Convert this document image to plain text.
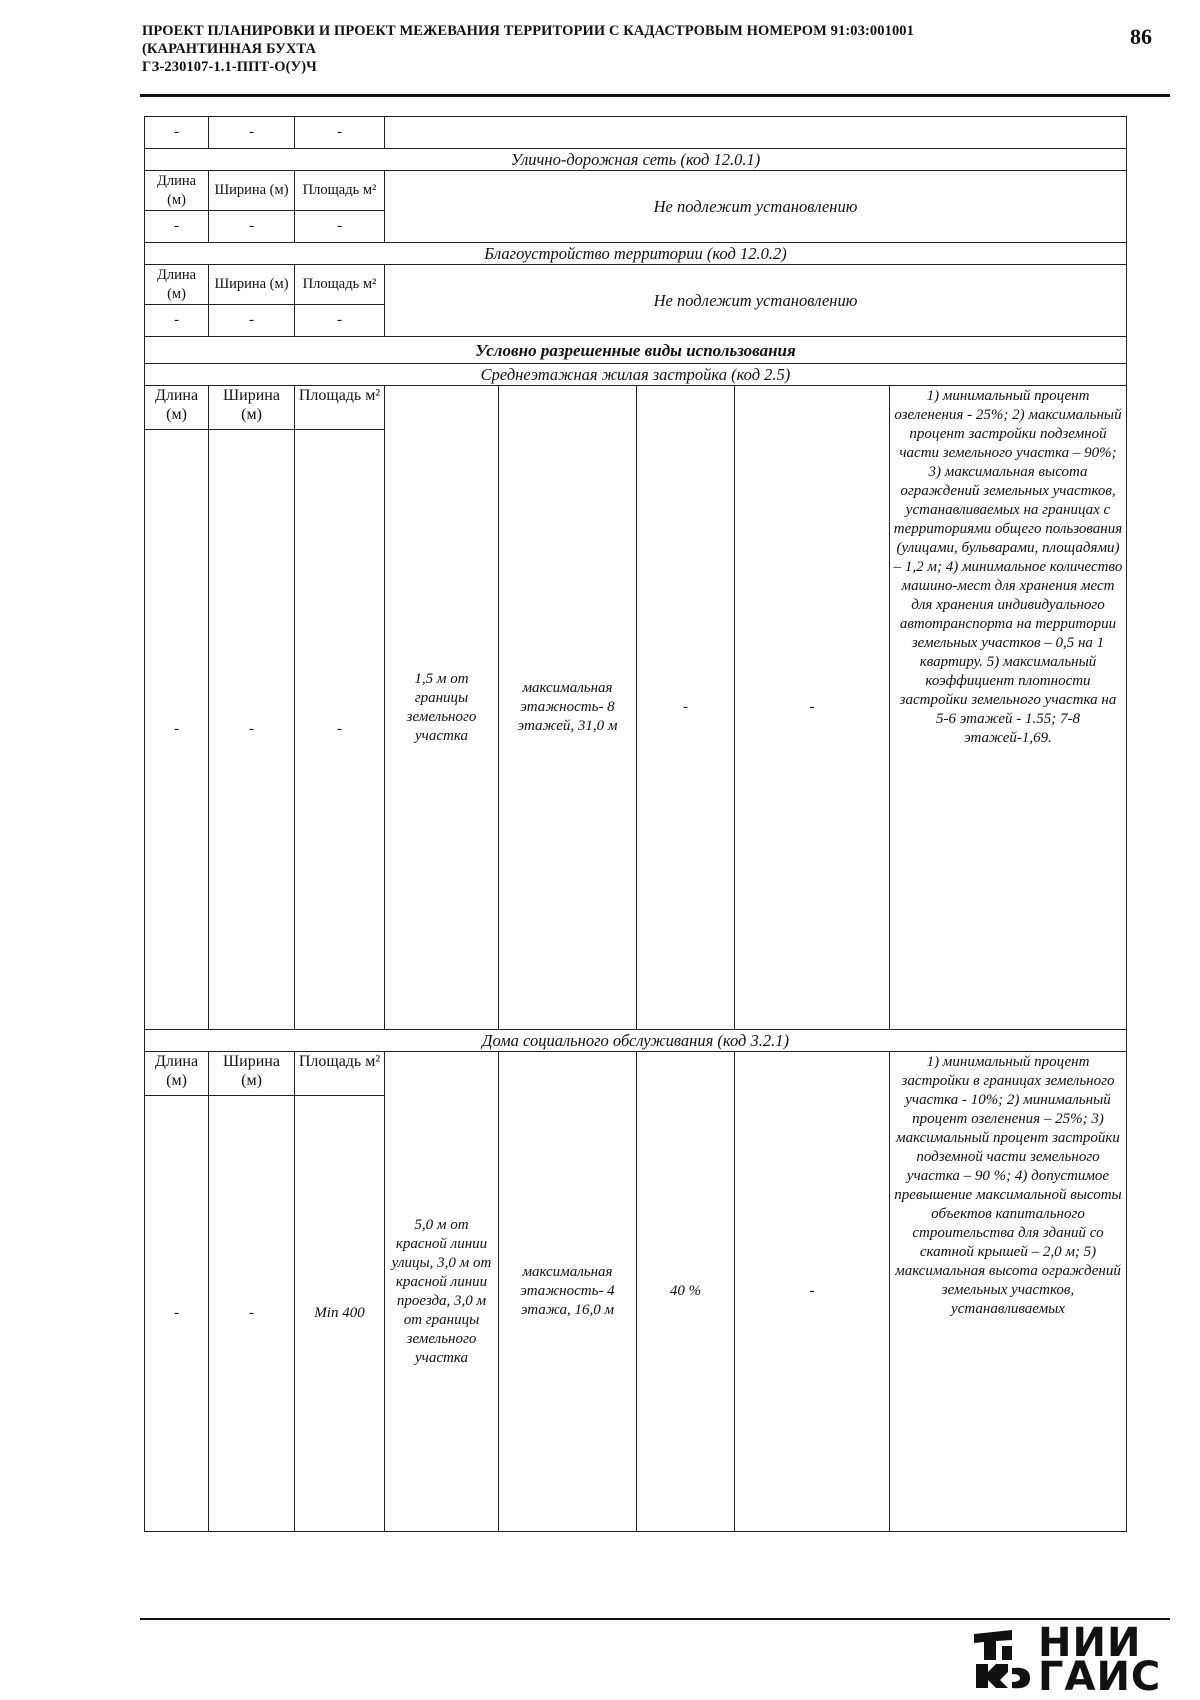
ПРОЕКТ ПЛАНИРОВКИ И ПРОЕКТ МЕЖЕВАНИЯ ТЕРРИТОРИИ С КАДАСТРОВЫМ НОМЕРОМ 91:03:001001
(КАРАНТИННАЯ БУХТА
ГЗ-230107-1.1-ППТ-О(У)Ч
86
-	-	-					
Улично-дорожная сеть (код 12.0.1)							
Длина (м)	Ширина (м)	Площадь м²	Не подлежит установлению				
-	-	-					
Благоустройство территории (код 12.0.2)							
Длина (м)	Ширина (м)	Площадь м²	Не подлежит установлению				
-	-	-					
Условно разрешенные виды использования							
Среднеэтажная жилая застройка (код 2.5)							
Длина (м)	Ширина (м)	Площадь м²	1,5 м от границы земельного участка	максимальная этажность- 8 этажей, 31,0 м	-	-	1) минимальный процент озеленения - 25%; 2) максимальный процент застройки подземной части земельного участка – 90%; 3) максимальная высота ограждений земельных участков, устанавливаемых на границах с территориями общего пользования (улицами, бульварами, площадями) – 1,2 м; 4) минимальное количество машино-мест для хранения мест для хранения индивидуального автотранспорта на территории земельных участков – 0,5 на 1 квартиру. 5) максимальный коэффициент плотности застройки земельного участка на 5-6 этажей - 1.55; 7-8 этажей-1,69.
-	-	-					
Дома социального обслуживания (код 3.2.1)							
Длина (м)	Ширина (м)	Площадь м²	5,0 м от красной линии улицы, 3,0 м от красной линии проезда, 3,0 м от границы земельного участка	максимальная этажность- 4 этажа, 16,0 м	40 %	-	1) минимальный процент застройки в границах земельного участка - 10%; 2) минимальный процент озеленения – 25%; 3) максимальный процент застройки подземной части земельного участка – 90 %; 4) допустимое превышение максимальной высоты объектов капитального строительства для зданий со скатной крышей – 2,0 м; 5) максимальная высота ограждений земельных участков, устанавливаемых
-	-	Min 400					
НИИ
ГАИС
